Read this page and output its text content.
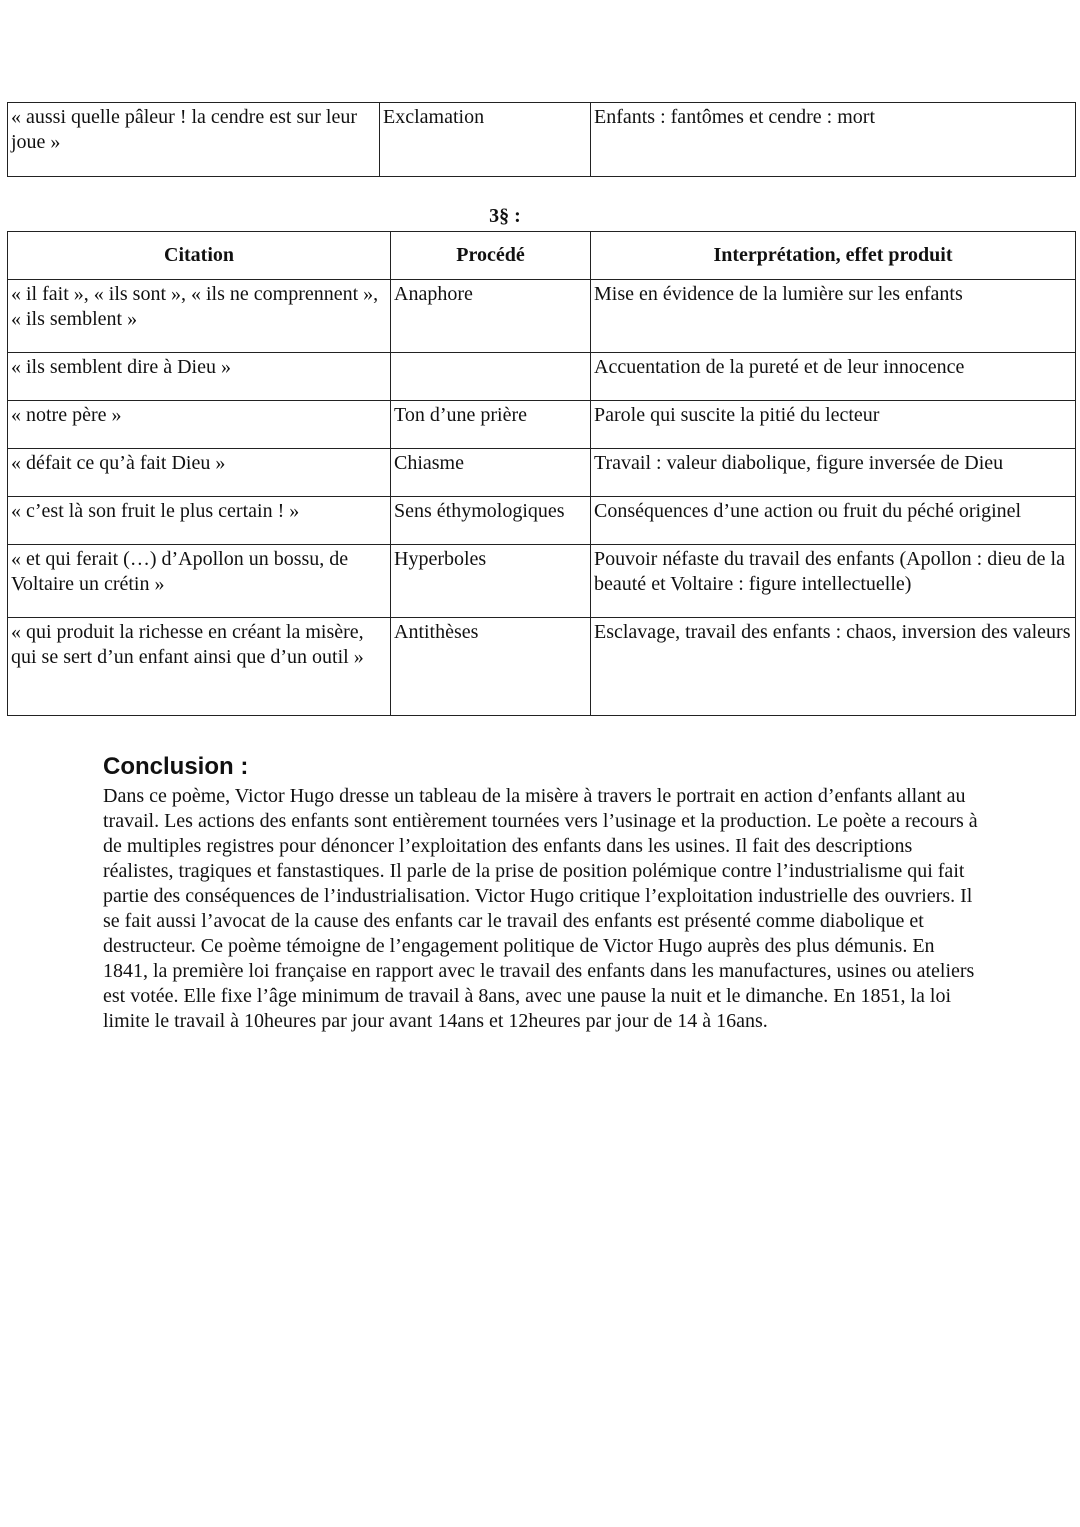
« aussi quelle pâleur ! la cendre est sur leur joue »	Exclamation	Enfants : fantômes et cendre : mort
3§ :
Citation	Procédé	Interprétation, effet produit
« il fait », « ils sont », « ils ne comprennent », « ils semblent »	Anaphore	Mise en évidence de la lumière sur les enfants
« ils semblent dire à Dieu »		Accuentation de la pureté et de leur innocence
« notre père »	Ton d’une prière	Parole qui suscite la pitié du lecteur
« défait ce qu’à fait Dieu »	Chiasme	Travail : valeur diabolique, figure inversée de Dieu
« c’est là son fruit le plus certain ! »	Sens éthymologiques	Conséquences d’une action ou fruit du péché originel
« et qui ferait (…) d’Apollon un bossu, de Voltaire un crétin »	Hyperboles	Pouvoir néfaste du travail des enfants (Apollon : dieu de la beauté et Voltaire : figure intellectuelle)
« qui produit la richesse en créant la misère, qui se sert d’un enfant ainsi que d’un outil »	Antithèses	Esclavage, travail des enfants : chaos, inversion des valeurs
Conclusion :

Dans ce poème, Victor Hugo dresse un tableau de la misère à travers le portrait en action d’enfants allant au travail. Les actions des enfants sont entièrement tournées vers l’usinage et la production. Le poète a recours à de multiples registres pour dénoncer l’exploitation des enfants dans les usines. Il fait des descriptions réalistes, tragiques et fanstastiques. Il parle de la prise de position polémique contre l’industrialisme qui fait partie des conséquences de l’industrialisation. Victor Hugo critique l’exploitation industrielle des ouvriers. Il se fait aussi l’avocat de la cause des enfants car le travail des enfants est présenté comme diabolique et destructeur. Ce poème témoigne de l’engagement politique de Victor Hugo auprès des plus démunis. En 1841, la première loi française en rapport avec le travail des enfants dans les manufactures, usines ou ateliers est votée. Elle fixe l’âge minimum de travail à 8ans, avec une pause la nuit et le dimanche. En 1851, la loi limite le travail à 10heures par jour avant 14ans et 12heures par jour de 14 à 16ans.
